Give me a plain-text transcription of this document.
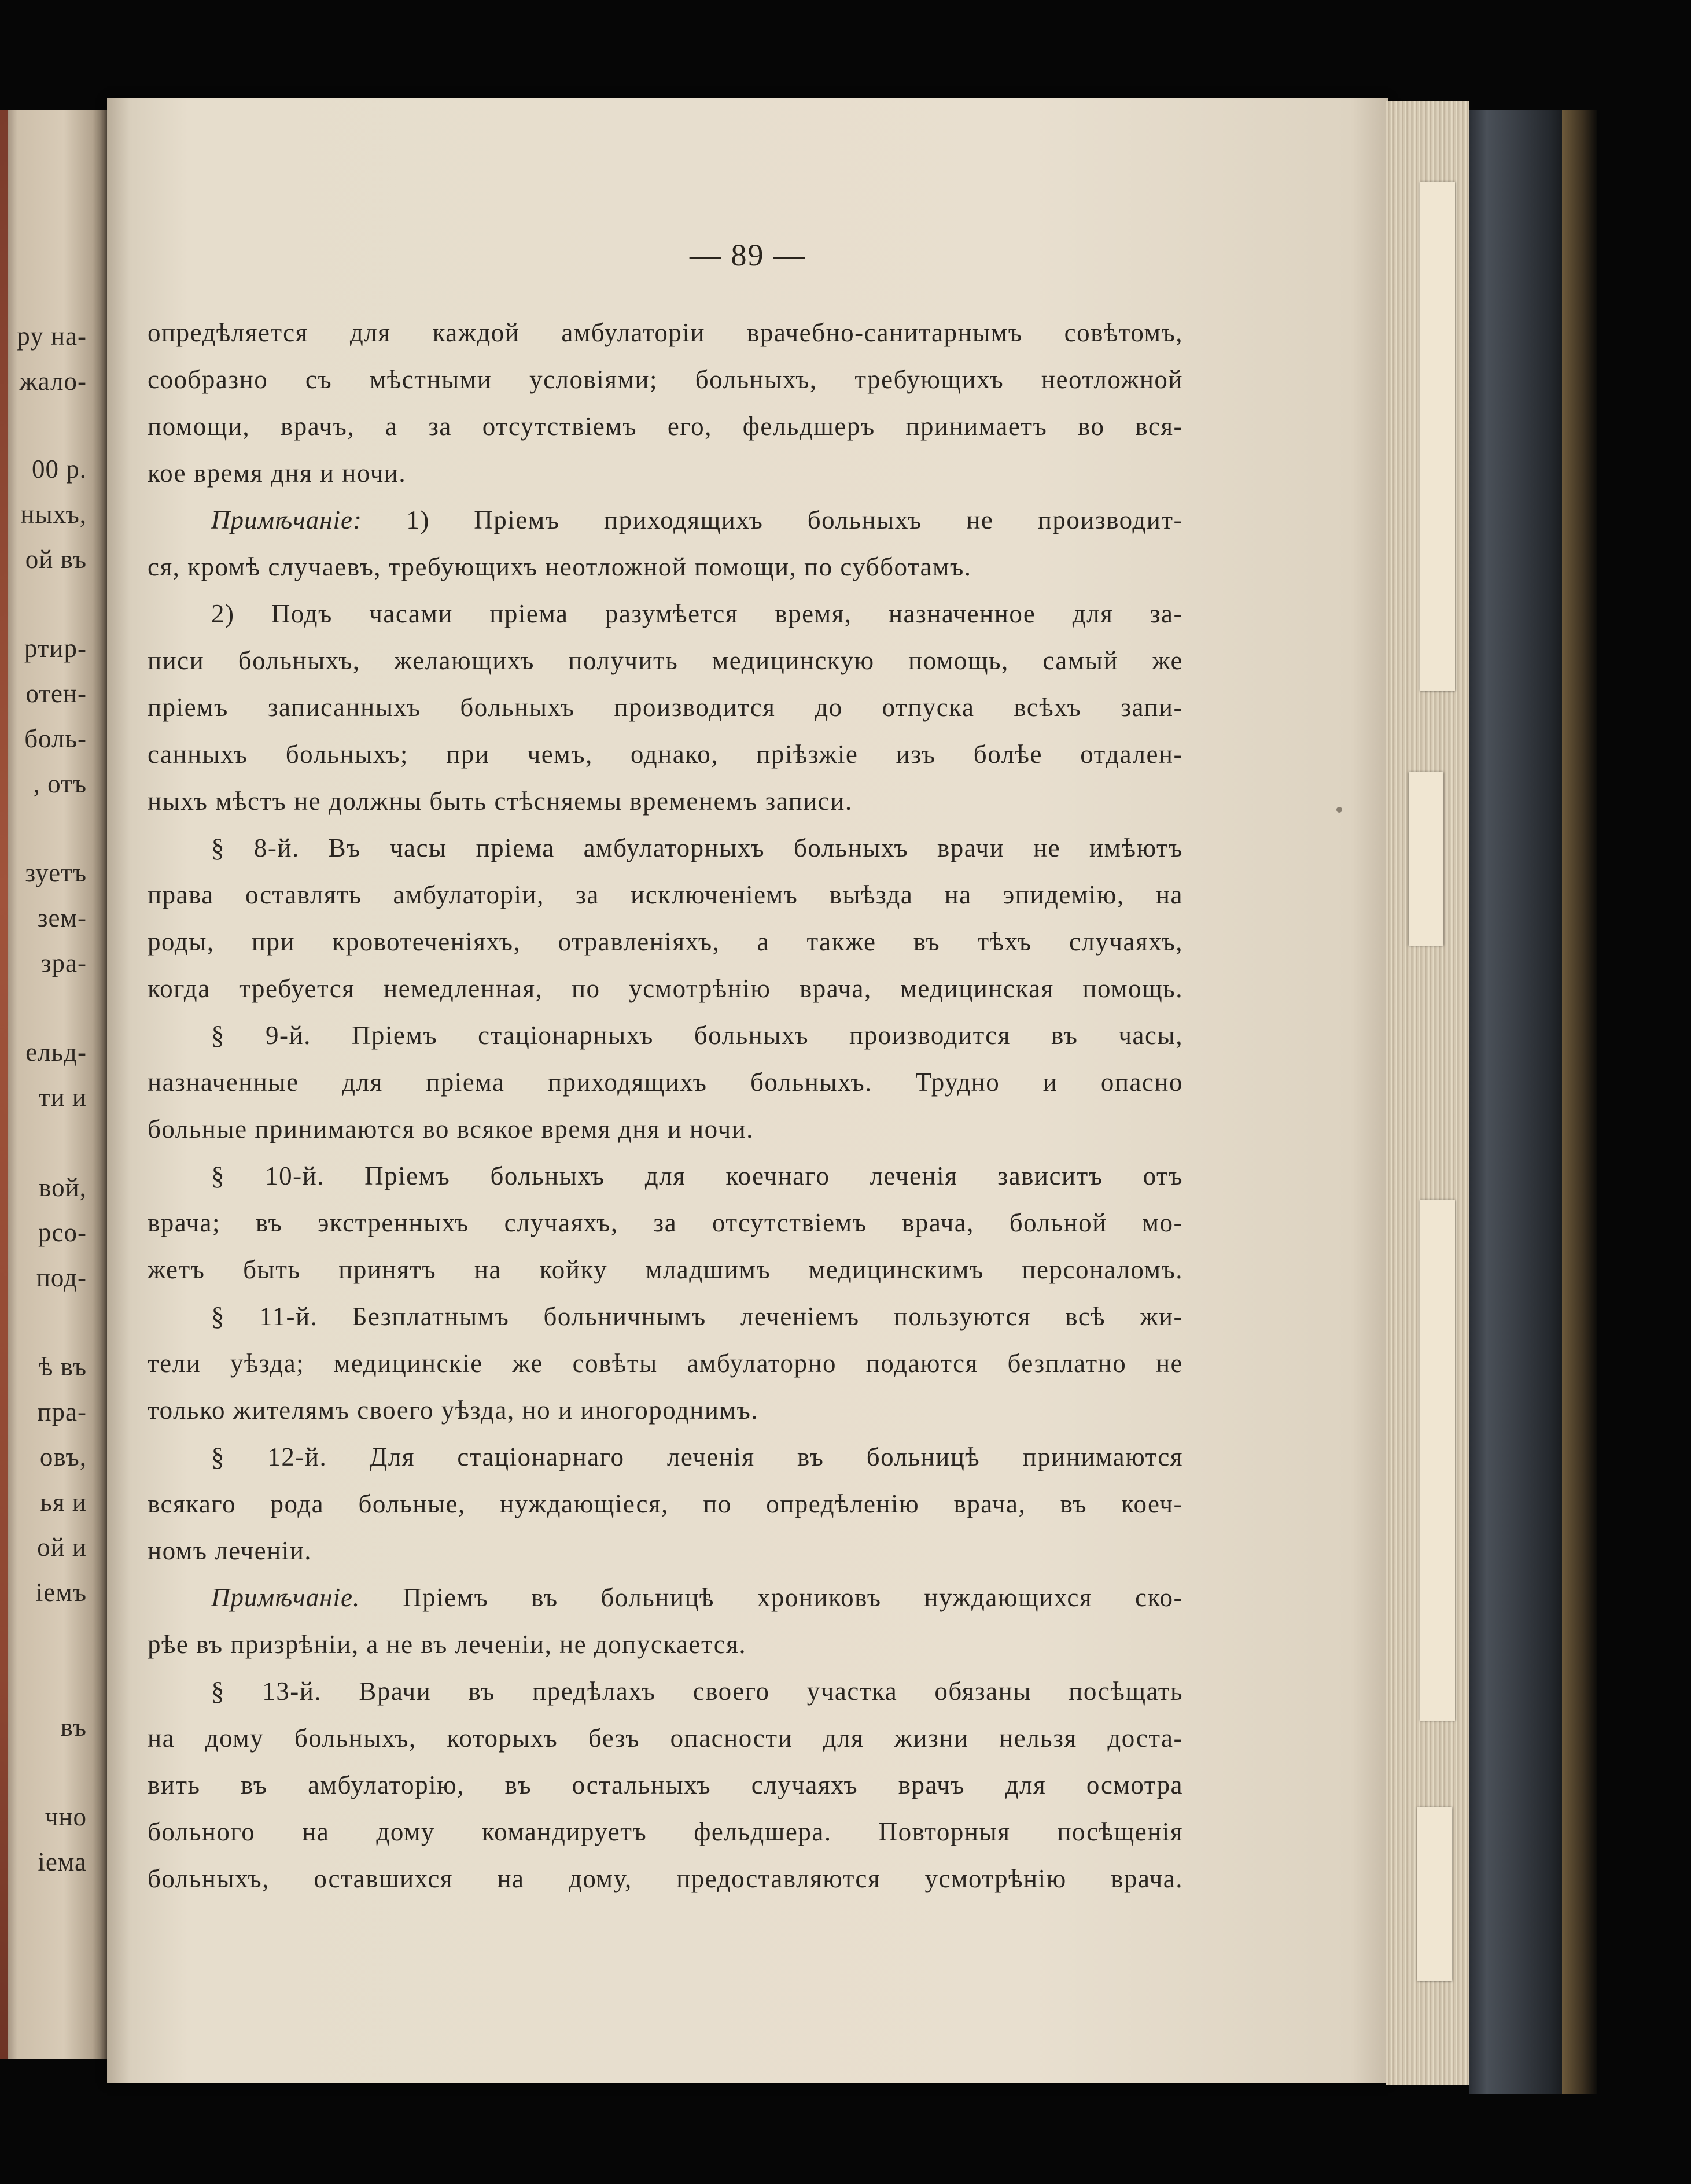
ру на-
жало-
00 р.
ныхъ,
ой въ
ртир-
отен-
боль-
, отъ
зуетъ
зем-
зра-
ельд-
ти и
вой,
рсо-
под-
ѣ въ
пра-
овъ,
ья и
ой и
іемъ
въ
чно
іема
— 89 —
опредѣляется для каждой амбулаторіи врачебно-санитарнымъ совѣтомъ,
сообразно съ мѣстными условіями; больныхъ, требующихъ неотложной
помощи, врачъ, а за отсутствіемъ его, фельдшеръ принимаетъ во вся-
кое время дня и ночи.
Примѣчаніе: 1) Пріемъ приходящихъ больныхъ не производит-
ся, кромѣ случаевъ, требующихъ неотложной помощи, по субботамъ.
2) Подъ часами пріема разумѣется время, назначенное для за-
писи больныхъ, желающихъ получить медицинскую помощь, самый же
пріемъ записанныхъ больныхъ производится до отпуска всѣхъ запи-
санныхъ больныхъ; при чемъ, однако, пріѣзжіе изъ болѣе отдален-
ныхъ мѣстъ не должны быть стѣсняемы временемъ записи.
§ 8-й. Въ часы пріема амбулаторныхъ больныхъ врачи не имѣютъ
права оставлять амбулаторіи, за исключеніемъ выѣзда на эпидемію, на
роды, при кровотеченіяхъ, отравленіяхъ, а также въ тѣхъ случаяхъ,
когда требуется немедленная, по усмотрѣнію врача, медицинская помощь.
§ 9-й. Пріемъ стаціонарныхъ больныхъ производится въ часы,
назначенные для пріема приходящихъ больныхъ. Трудно и опасно
больные принимаются во всякое время дня и ночи.
§ 10-й. Пріемъ больныхъ для коечнаго леченія зависитъ отъ
врача; въ экстренныхъ случаяхъ, за отсутствіемъ врача, больной мо-
жетъ быть принятъ на койку младшимъ медицинскимъ персоналомъ.
§ 11-й. Безплатнымъ больничнымъ леченіемъ пользуются всѣ жи-
тели уѣзда; медицинскіе же совѣты амбулаторно подаются безплатно не
только жителямъ своего уѣзда, но и иногороднимъ.
§ 12-й. Для стаціонарнаго леченія въ больницѣ принимаются
всякаго рода больные, нуждающіеся, по опредѣленію врача, въ коеч-
номъ леченіи.
Примѣчаніе. Пріемъ въ больницѣ хрониковъ нуждающихся ско-
рѣе въ призрѣніи, а не въ леченіи, не допускается.
§ 13-й. Врачи въ предѣлахъ своего участка обязаны посѣщать
на дому больныхъ, которыхъ безъ опасности для жизни нельзя доста-
вить въ амбулаторію, въ остальныхъ случаяхъ врачъ для осмотра
больного на дому командируетъ фельдшера. Повторныя посѣщенія
больныхъ, оставшихся на дому, предоставляются усмотрѣнію врача.
